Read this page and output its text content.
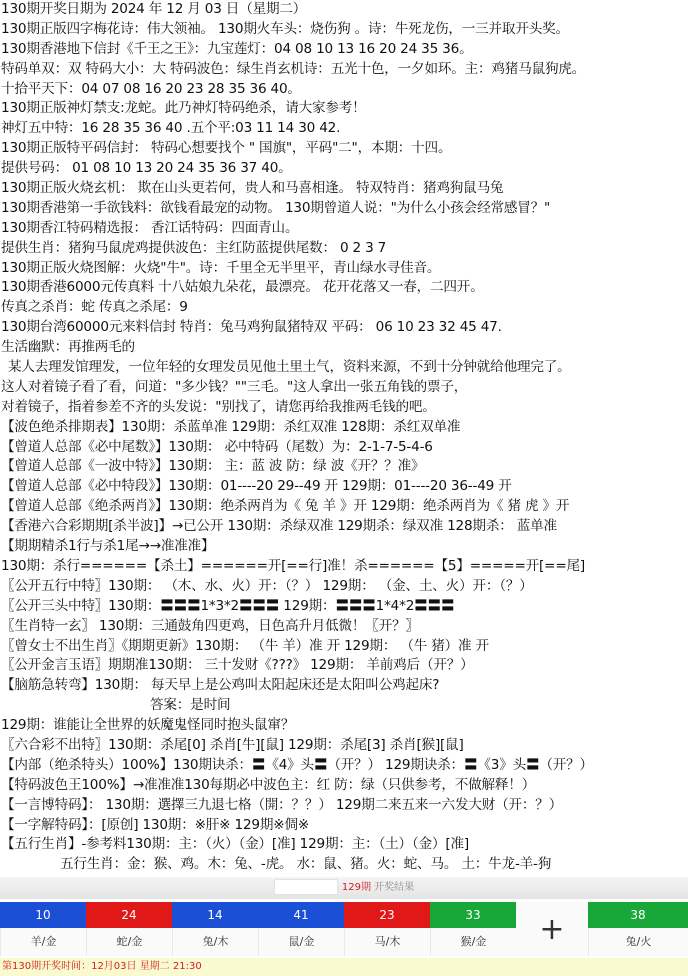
130期开奖日期为 2024 年 12 月 03 日（星期二）
130期正版四字梅花诗：伟大领袖。 130期火车头：烧伤狗 。诗：牛死龙伤，一三并取开头奖。
130期香港地下信封《千王之王》：九宝莲灯：04 08 10 13 16 20 24 35 36。
特码单双：双 特码大小：大 特码波色：绿生肖玄机诗：五光十色，一夕如环。主：鸡猪马鼠狗虎。
十拾平天下：04 07 08 16 20 23 28 35 36 40。
130期正版神灯禁支:龙蛇。此乃神灯特码绝杀，请大家参考！
神灯五中特：16 28 35 36 40 .五个平:03 11 14 30 42.
130期正版特平码信封： 特码心想要找个 " 国旗"，平码"二"，本期：十四。
提供号码： 01 08 10 13 20 24 35 36 37 40。
130期正版火烧玄机： 欺在山头更若何，贵人和马喜相逢。 特双特肖：猪鸡狗鼠马兔
130期香港第一手欲钱料：欲钱看最宠的动物。 130期曾道人说："为什么小孩会经常感冒？"
130期香江特码精选报： 香江话特码：四面青山。
提供生肖：猪狗马鼠虎鸡提供波色：主红防蓝提供尾数： 0 2 3 7
130期正版火烧图解：火烧"牛"。诗：千里全无半里平，青山绿水寻佳音。
130期香港6000元传真料 十八姑娘九朵花，最漂亮。 花开花落又一春，二四开。
传真之杀肖：蛇 传真之杀尾：9
130期台湾60000元来料信封 特肖：兔马鸡狗鼠猪特双 平码： 06 10 23 32 45 47.
生活幽默：再推两毛的
某人去理发馆理发，一位年轻的女理发员见他土里土气，资料来源，不到十分钟就给他理完了。
这人对着镜子看了看，问道："多少钱？""三毛。"这人拿出一张五角钱的票子，
对着镜子，指着参差不齐的头发说："别找了，请您再给我推两毛钱的吧。
【波色绝杀排期表】130期：杀蓝单准 129期：杀红双准 128期：杀红双单准
【曾道人总部《必中尾数》】130期： 必中特码（尾数）为：2-1-7-5-4-6
【曾道人总部《一波中特》】130期： 主：蓝 波 防：绿 波《开？？准》
【曾道人总部《必中特段》】130期：01----20 29--49 开 129期：01----20 36--49 开
【曾道人总部《绝杀两肖》】130期：绝杀两肖为《 兔 羊 》开 129期：绝杀两肖为《 猪 虎 》开
【香港六合彩期期[杀半波]】→已公开 130期：杀绿双准 129期杀：绿双准 128期杀： 蓝单准
【期期精杀1行与杀1尾→→准准准】
130期：杀行======【杀土】======开[==行]准！杀======【5】=====开[==尾]
〖公开五行中特〗130期： （木、水、火）开：（？） 129期： （金、土、火）开：（？）
〖公开三头中特〗130期：〓〓〓1*3*2〓〓〓 129期：〓〓〓1*4*2〓〓〓
〖生肖特一玄〗 130期：三通鼓角四更鸡，日色高升月低微！〖开？〗
〖曾女士不出生肖〗《期期更新》130期： （牛 羊）准 开 129期： （牛 猪）准 开
〖公开金言玉语〗期期准130期： 三十发财《???》 129期： 羊前鸡后（开？）
【脑筋急转弯】130期： 每天早上是公鸡叫太阳起床还是太阳叫公鸡起床?
答案：是时间
129期：谁能让全世界的妖魔鬼怪同时抱头鼠窜？
〖六合彩不出特〗130期：杀尾[0] 杀肖[牛][鼠] 129期：杀尾[3] 杀肖[猴][鼠]
【内部（绝杀特头）100%】130期诀杀：〓《4》头〓（开？） 129期诀杀：〓《3》头〓（开？）
【特码波色王100%】→准准准130每期必中波色主：红 防：绿（只供参考，不做解释！）
【一言博特码】： 130期：選擇三九退七格（開：？？） 129期二来五来一六发大财（开：？）
【一字解特码】：[原创] 130期：※肝※ 129期※倜※
【五行生肖】-参考料130期：主：（火）（金）[准] 129期：主：（土）（金）[准]
五行生肖：金：猴、鸡。木：兔、-虎。 水：鼠、猪。火：蛇、马。 土：牛龙-羊-狗
129期 开奖结果
10
羊/金
24
蛇/金
14
兔/木
41
鼠/金
23
马/木
33
猴/金	+	38
兔/火
第130期开奖时间：12月03日 星期二 21:30
